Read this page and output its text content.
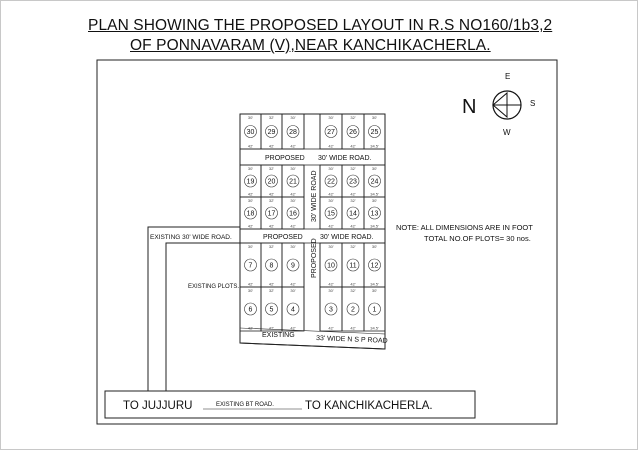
PLAN SHOWING THE PROPOSED LAYOUT IN R.S NO160/1b3,2
OF PONNAVARAM (V),NEAR KANCHIKACHERLA.
30
30'
42'
29
32'
42'
28
30'
42'
27
30'
42'
26
32'
42'
25
30'
34.5'
19
30'
42'
20
32'
42'
21
30'
42'
22
30'
42'
23
32'
42'
24
30'
34.5'
18
30'
42'
17
32'
42'
16
30'
42'
15
30'
42'
14
32'
42'
13
30'
34.5'
7
30'
42'
8
32'
42'
9
30'
42'
10
30'
42'
11
32'
42'
12
30'
34.5'
6
30'
42'
5
32'
42'
4
30'
42'
3
30'
42'
2
32'
42'
1
30'
34.5'
PROPOSED 30' WIDE ROAD.
30' WIDE ROAD
PROPOSED 30' WIDE ROAD.
PROPOSED
EXISTING 30' WIDE ROAD.
EXISTING PLOTS.
EXISTING	33' WIDE N S P ROAD
NOTE: ALL DIMENSIONS ARE IN FOOT
TOTAL NO.OF PLOTS= 30 nos.
E
S
W
N
TO JUJJURU	EXISTING BT ROAD.	TO KANCHIKACHERLA.
